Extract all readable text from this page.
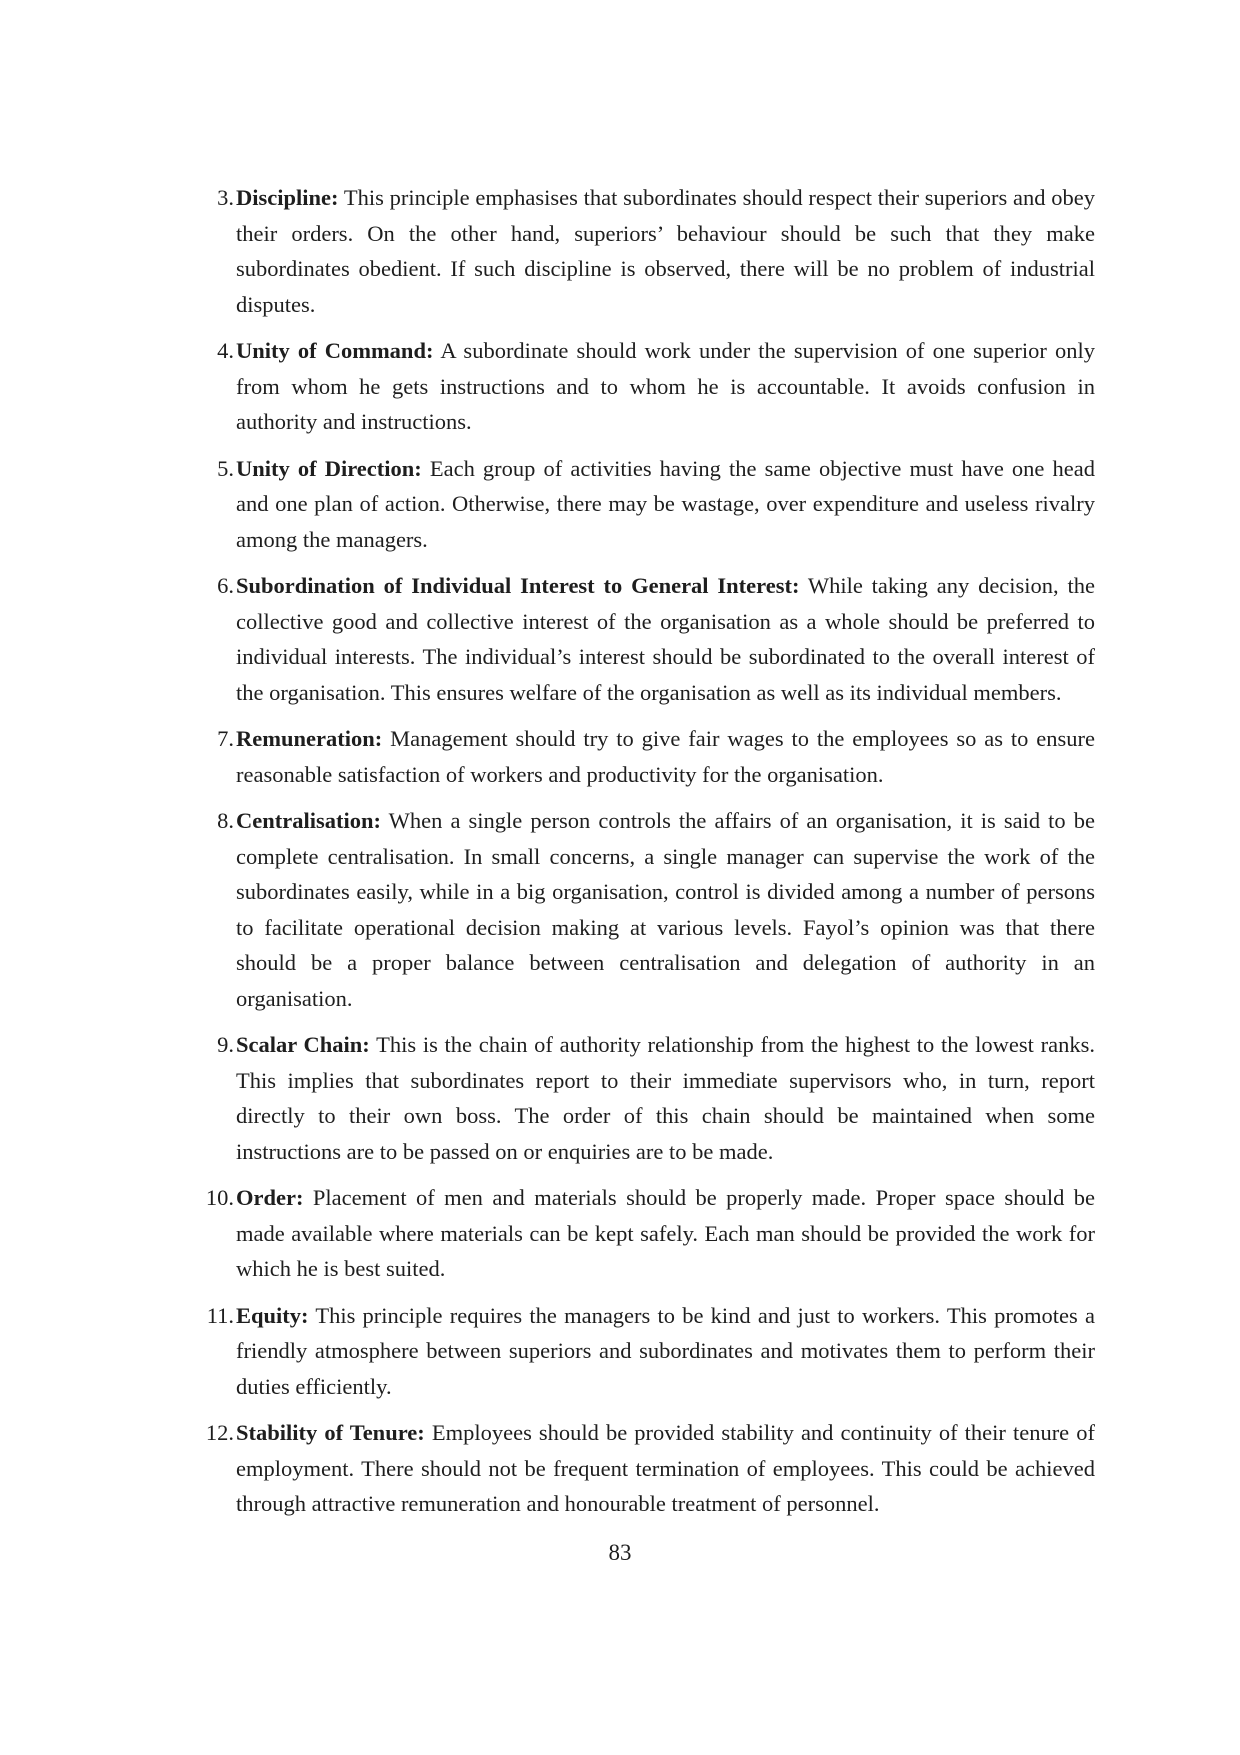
3. Discipline: This principle emphasises that subordinates should respect their superiors and obey their orders. On the other hand, superiors’ behaviour should be such that they make subordinates obedient. If such discipline is observed, there will be no problem of industrial disputes.
4. Unity of Command: A subordinate should work under the supervision of one superior only from whom he gets instructions and to whom he is accountable. It avoids confusion in authority and instructions.
5. Unity of Direction: Each group of activities having the same objective must have one head and one plan of action. Otherwise, there may be wastage, over expenditure and useless rivalry among the managers.
6. Subordination of Individual Interest to General Interest: While taking any decision, the collective good and collective interest of the organisation as a whole should be preferred to individual interests. The individual’s interest should be subordinated to the overall interest of the organisation. This ensures welfare of the organisation as well as its individual members.
7. Remuneration: Management should try to give fair wages to the employees so as to ensure reasonable satisfaction of workers and productivity for the organisation.
8. Centralisation: When a single person controls the affairs of an organisation, it is said to be complete centralisation. In small concerns, a single manager can supervise the work of the subordinates easily, while in a big organisation, control is divided among a number of persons to facilitate operational decision making at various levels. Fayol’s opinion was that there should be a proper balance between centralisation and delegation of authority in an organisation.
9. Scalar Chain: This is the chain of authority relationship from the highest to the lowest ranks. This implies that subordinates report to their immediate supervisors who, in turn, report directly to their own boss. The order of this chain should be maintained when some instructions are to be passed on or enquiries are to be made.
10. Order: Placement of men and materials should be properly made. Proper space should be made available where materials can be kept safely. Each man should be provided the work for which he is best suited.
11. Equity: This principle requires the managers to be kind and just to workers. This promotes a friendly atmosphere between superiors and subordinates and motivates them to perform their duties efficiently.
12. Stability of Tenure: Employees should be provided stability and continuity of their tenure of employment. There should not be frequent termination of employees. This could be achieved through attractive remuneration and honourable treatment of personnel.
83
